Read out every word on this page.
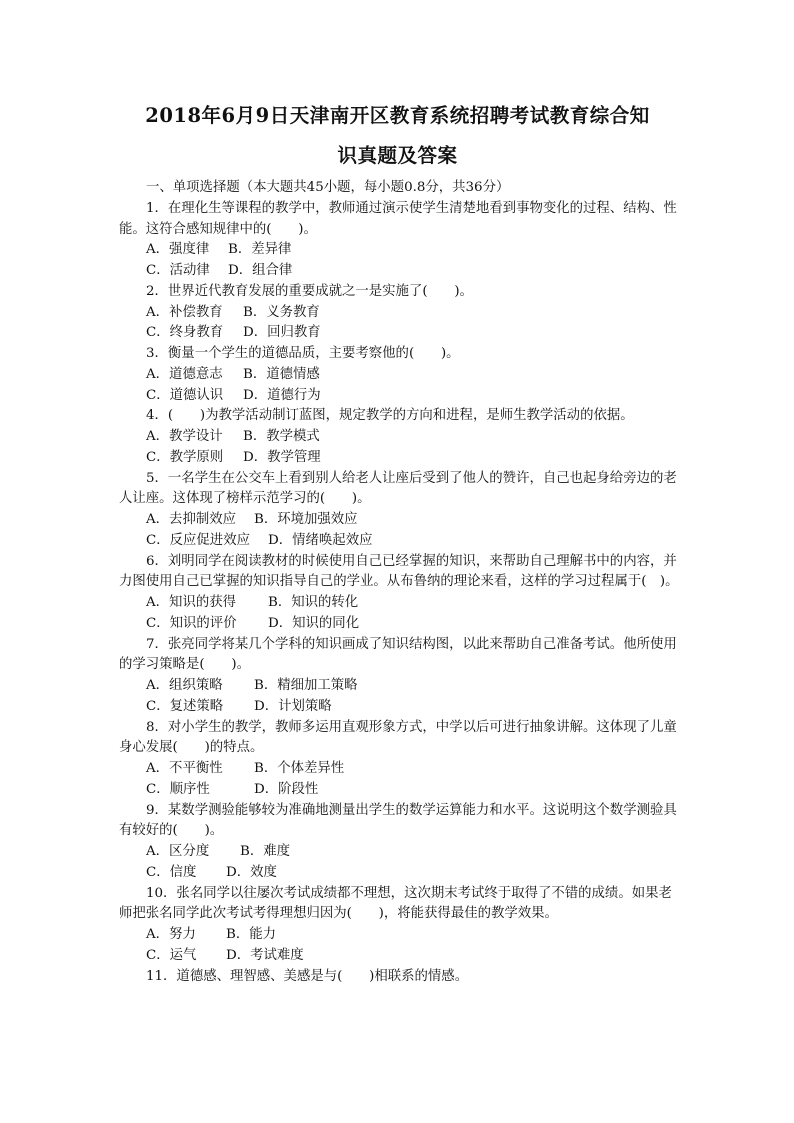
2018年6月9日天津南开区教育系统招聘考试教育综合知
识真题及答案
一、单项选择题（本大题共45小题，每小题0.8分，共36分）
1．在理化生等课程的教学中，教师通过演示使学生清楚地看到事物变化的过程、结构、性能。这符合感知规律中的(　　)。
A．强度律	B．差异律
C．活动律	D．组合律
2．世界近代教育发展的重要成就之一是实施了(　　)。
A．补偿教育	B．义务教育
C．终身教育	D．回归教育
3．衡量一个学生的道德品质，主要考察他的(　　)。
A．道德意志	B．道德情感
C．道德认识	D．道德行为
4．(　　)为教学活动制订蓝图，规定教学的方向和进程，是师生教学活动的依据。
A．教学设计	B．教学模式
C．教学原则	D．教学管理
5．一名学生在公交车上看到别人给老人让座后受到了他人的赞许，自己也起身给旁边的老人让座。这体现了榜样示范学习的(　　)。
A．去抑制效应	B．环境加强效应
C．反应促进效应	D．情绪唤起效应
6．刘明同学在阅读教材的时候使用自己已经掌握的知识，来帮助自己理解书中的内容，并力图使用自己已掌握的知识指导自己的学业。从布鲁纳的理论来看，这样的学习过程属于(　)。
A．知识的获得	B．知识的转化
C．知识的评价	D．知识的同化
7．张亮同学将某几个学科的知识画成了知识结构图，以此来帮助自己准备考试。他所使用的学习策略是(　　)。
A．组织策略	B．精细加工策略
C．复述策略	D．计划策略
8．对小学生的教学，教师多运用直观形象方式，中学以后可进行抽象讲解。这体现了儿童身心发展(　　)的特点。
A．不平衡性	B．个体差异性
C．顺序性	D．阶段性
9．某数学测验能够较为准确地测量出学生的数学运算能力和水平。这说明这个数学测验具有较好的(　　)。
A．区分度	B．难度
C．信度	D．效度
10．张名同学以往屡次考试成绩都不理想，这次期末考试终于取得了不错的成绩。如果老师把张名同学此次考试考得理想归因为(　　)，将能获得最佳的教学效果。
A．努力	B．能力
C．运气	D．考试难度
11．道德感、理智感、美感是与(　　)相联系的情感。
